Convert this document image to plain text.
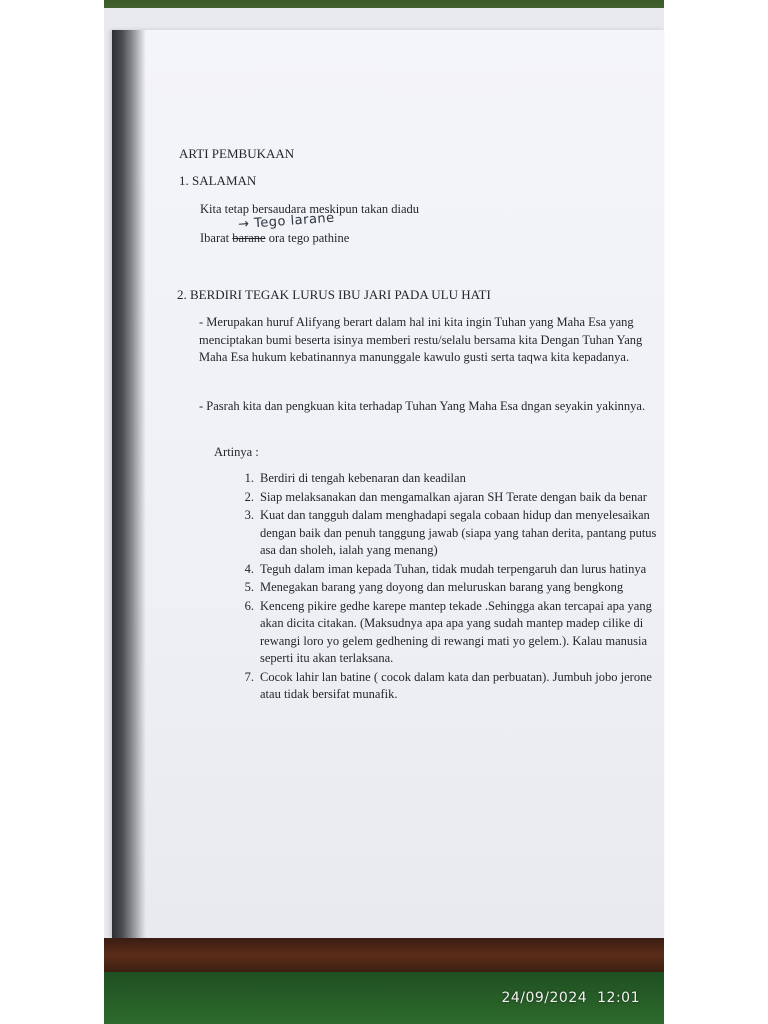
ARTI PEMBUKAAN
1. SALAMAN
Kita tetap bersaudara meskipun takan diadu
Ibarat barane ora tego pathine
→ Tego larane
2. BERDIRI TEGAK LURUS IBU JARI PADA ULU HATI
- Merupakan huruf Alifyang berart dalam hal ini kita ingin Tuhan yang Maha Esa yang menciptakan bumi beserta isinya memberi restu/selalu bersama kita Dengan Tuhan Yang Maha Esa hukum kebatinannya manunggale kawulo gusti serta taqwa kita kepadanya.
- Pasrah kita dan pengkuan kita terhadap Tuhan Yang Maha Esa dngan seyakin yakinnya.
Artinya :
1. Berdiri di tengah kebenaran dan keadilan
2. Siap melaksanakan dan mengamalkan ajaran SH Terate dengan baik da benar
3. Kuat dan tangguh dalam menghadapi segala cobaan hidup dan menyelesaikan dengan baik dan penuh tanggung jawab (siapa yang tahan derita, pantang putus asa dan sholeh, ialah yang menang)
4. Teguh dalam iman kepada Tuhan, tidak mudah terpengaruh dan lurus hatinya
5. Menegakan barang yang doyong dan meluruskan barang yang bengkong
6. Kenceng pikire gedhe karepe mantep tekade .Sehingga akan tercapai apa yang akan dicita citakan. (Maksudnya apa apa yang sudah mantep madep cilike di rewangi loro yo gelem gedhening di rewangi mati yo gelem.). Kalau manusia seperti itu akan terlaksana.
7. Cocok lahir lan batine ( cocok dalam kata dan perbuatan). Jumbuh jobo jerone atau tidak bersifat munafik.
24/09/2024 12:01
